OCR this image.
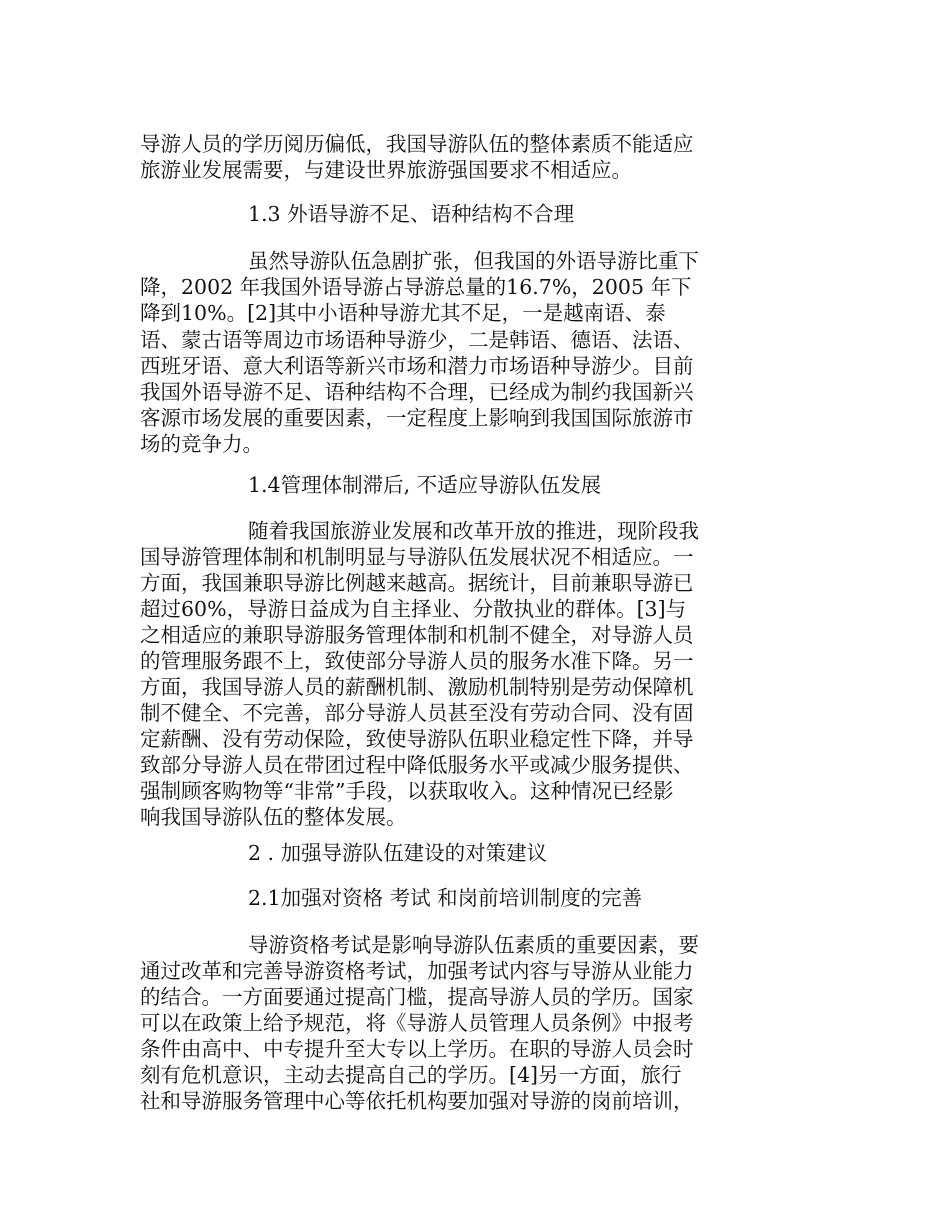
导游人员的学历阅历偏低，我国导游队伍的整体素质不能适应
旅游业发展需要，与建设世界旅游强国要求不相适应。
1.3 外语导游不足、语种结构不合理
虽然导游队伍急剧扩张，但我国的外语导游比重下
降，2002 年我国外语导游占导游总量的16.7%，2005 年下
降到10%。[2]其中小语种导游尤其不足，一是越南语、泰
语、蒙古语等周边市场语种导游少，二是韩语、德语、法语、
西班牙语、意大利语等新兴市场和潜力市场语种导游少。目前
我国外语导游不足、语种结构不合理，已经成为制约我国新兴
客源市场发展的重要因素，一定程度上影响到我国国际旅游市
场的竞争力。
1.4管理体制滞后, 不适应导游队伍发展
随着我国旅游业发展和改革开放的推进，现阶段我
国导游管理体制和机制明显与导游队伍发展状况不相适应。一
方面，我国兼职导游比例越来越高。据统计，目前兼职导游已
超过60%，导游日益成为自主择业、分散执业的群体。[3]与
之相适应的兼职导游服务管理体制和机制不健全，对导游人员
的管理服务跟不上，致使部分导游人员的服务水准下降。另一
方面，我国导游人员的薪酬机制、激励机制特别是劳动保障机
制不健全、不完善，部分导游人员甚至没有劳动合同、没有固
定薪酬、没有劳动保险，致使导游队伍职业稳定性下降，并导
致部分导游人员在带团过程中降低服务水平或减少服务提供、
强制顾客购物等“非常”手段，以获取收入。这种情况已经影
响我国导游队伍的整体发展。
2 . 加强导游队伍建设的对策建议
2.1加强对资格 考试 和岗前培训制度的完善
导游资格考试是影响导游队伍素质的重要因素，要
通过改革和完善导游资格考试，加强考试内容与导游从业能力
的结合。一方面要通过提高门槛，提高导游人员的学历。国家
可以在政策上给予规范，将《导游人员管理人员条例》中报考
条件由高中、中专提升至大专以上学历。在职的导游人员会时
刻有危机意识，主动去提高自己的学历。[4]另一方面，旅行
社和导游服务管理中心等依托机构要加强对导游的岗前培训，
